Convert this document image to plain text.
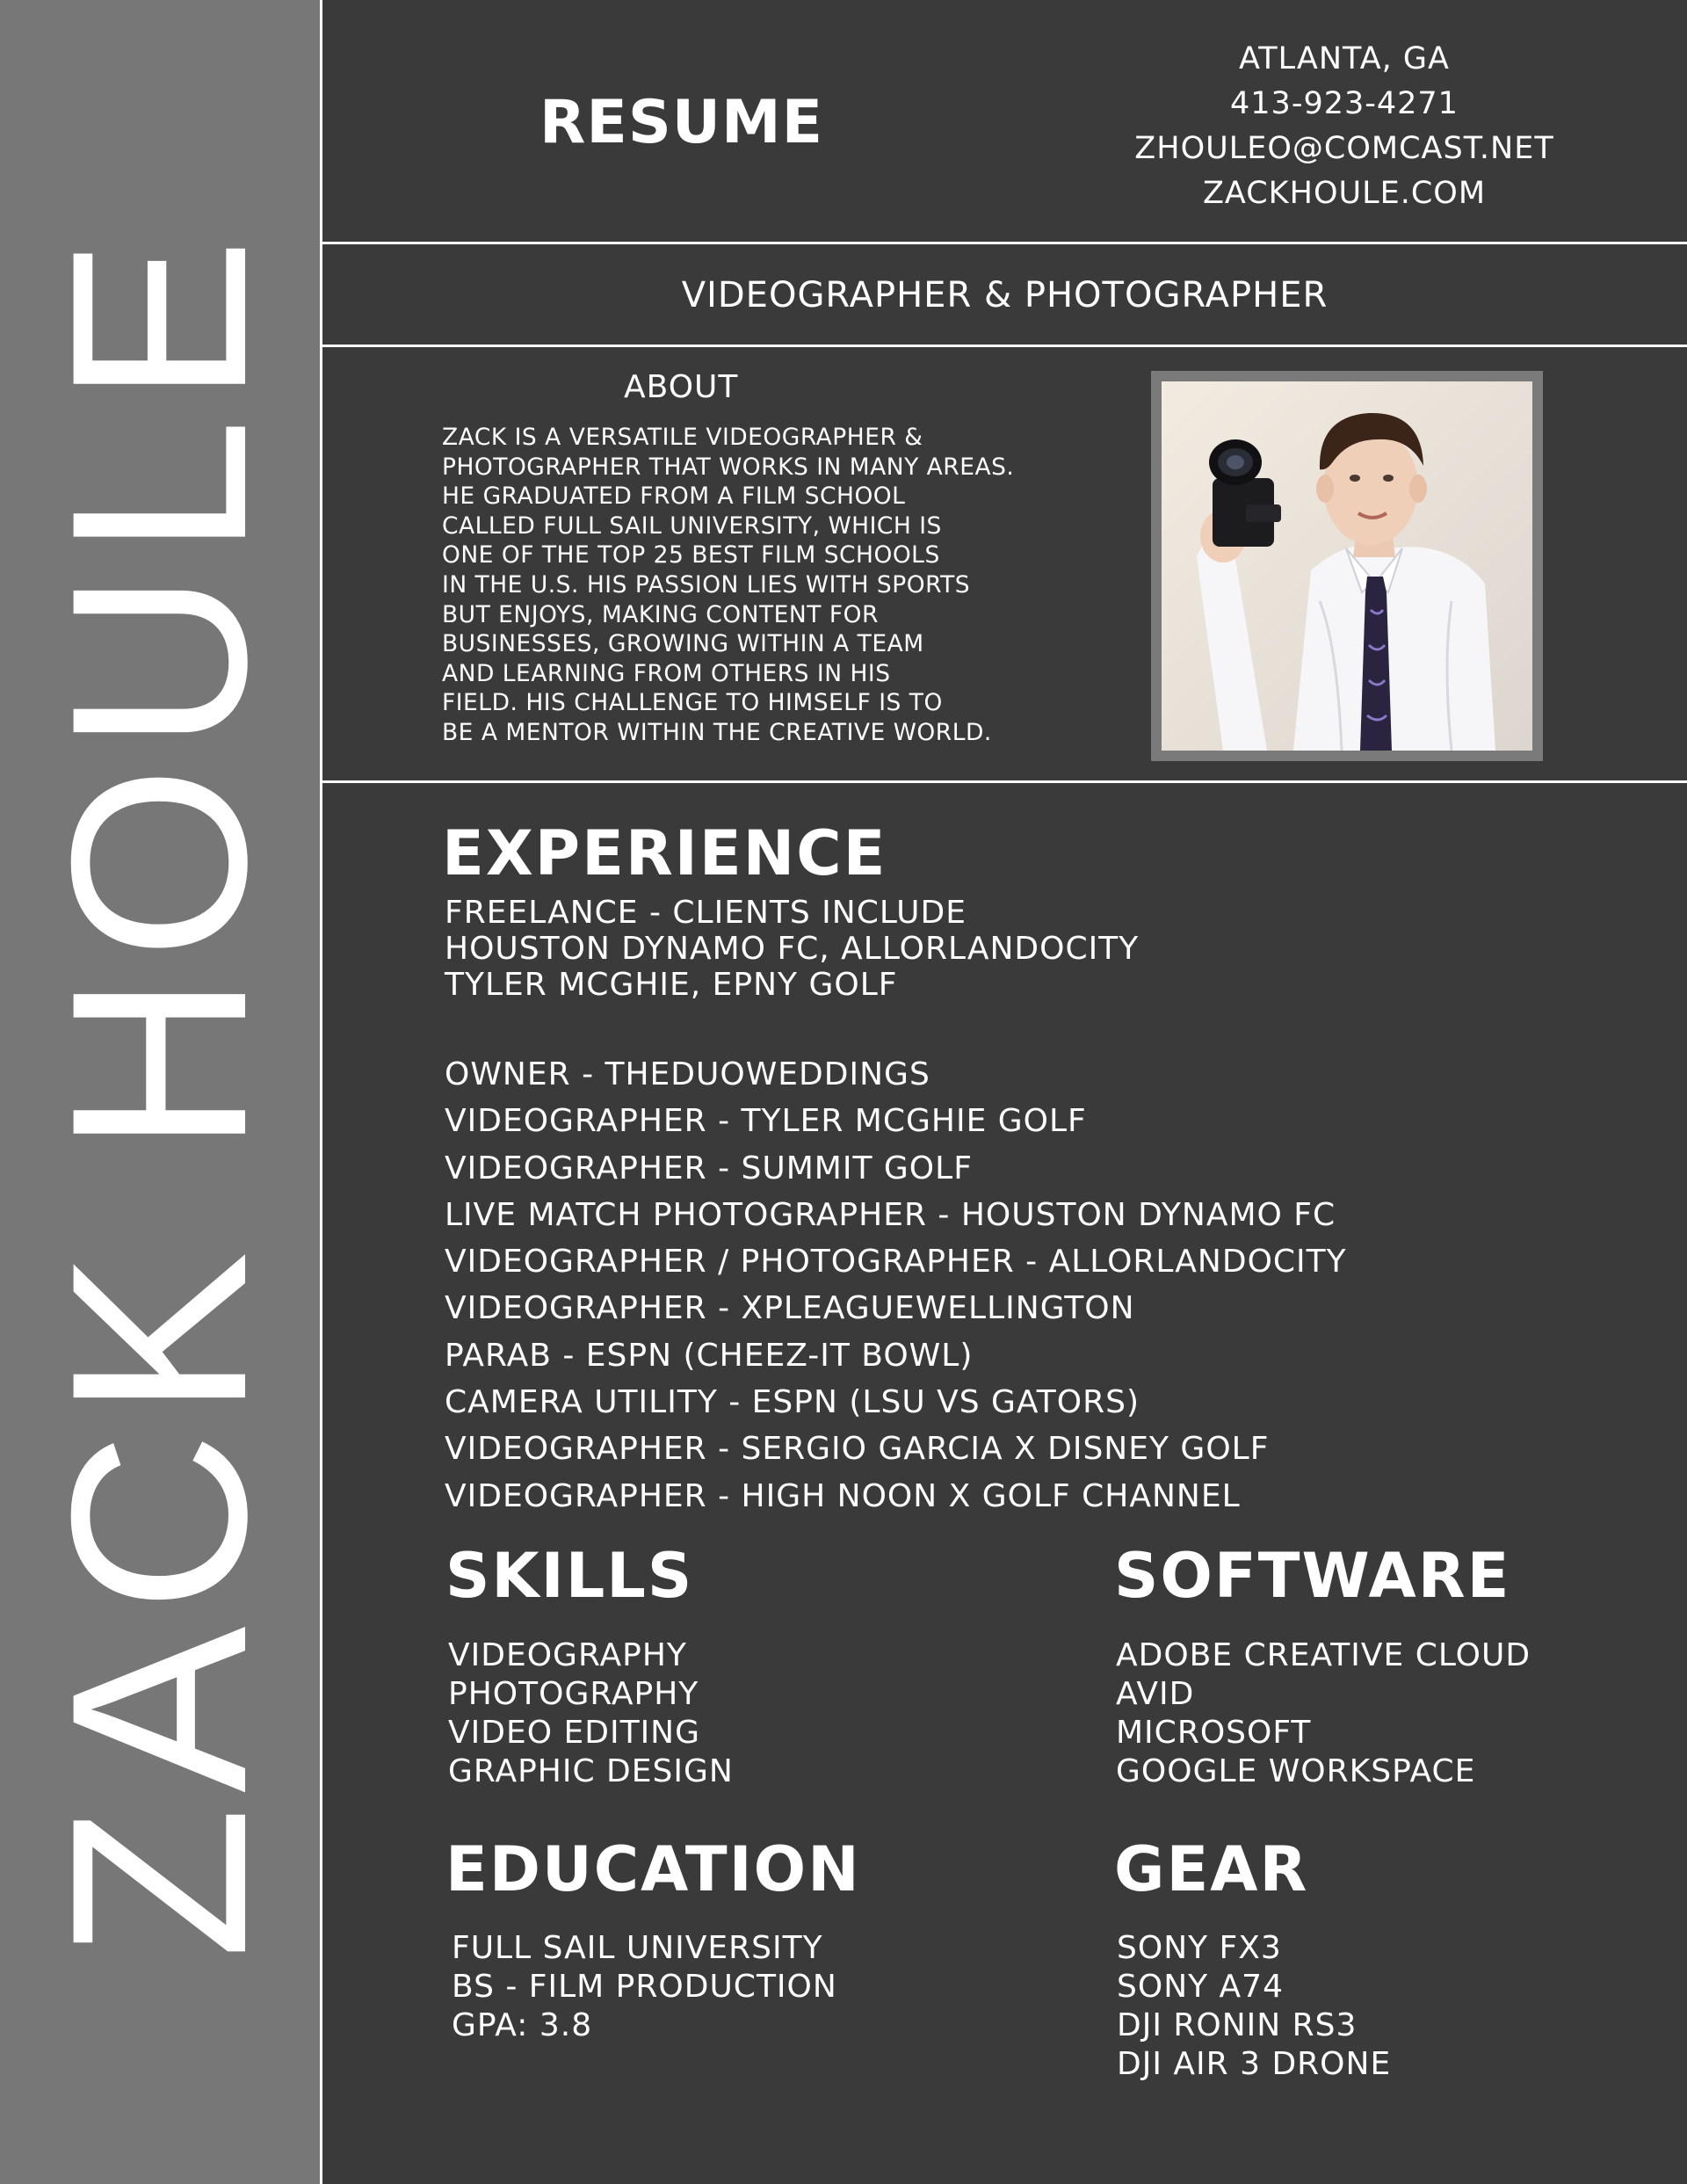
ZACK HOULE
RESUME
ATLANTA, GA
413-923-4271
ZHOULEO@COMCAST.NET
ZACKHOULE.COM
VIDEOGRAPHER & PHOTOGRAPHER
ABOUT
ZACK IS A VERSATILE VIDEOGRAPHER &
PHOTOGRAPHER THAT WORKS IN MANY AREAS.
HE GRADUATED FROM A FILM SCHOOL
CALLED FULL SAIL UNIVERSITY, WHICH IS
ONE OF THE TOP 25 BEST FILM SCHOOLS
IN THE U.S. HIS PASSION LIES WITH SPORTS
BUT ENJOYS, MAKING CONTENT FOR
BUSINESSES, GROWING WITHIN A TEAM
AND LEARNING FROM OTHERS IN HIS
FIELD. HIS CHALLENGE TO HIMSELF IS TO
BE A MENTOR WITHIN THE CREATIVE WORLD.
EXPERIENCE
FREELANCE - CLIENTS INCLUDE
HOUSTON DYNAMO FC, ALLORLANDOCITY
TYLER MCGHIE, EPNY GOLF
OWNER - THEDUOWEDDINGS
VIDEOGRAPHER - TYLER MCGHIE GOLF
VIDEOGRAPHER - SUMMIT GOLF
LIVE MATCH PHOTOGRAPHER - HOUSTON DYNAMO FC
VIDEOGRAPHER / PHOTOGRAPHER - ALLORLANDOCITY
VIDEOGRAPHER - XPLEAGUEWELLINGTON
PARAB - ESPN (CHEEZ-IT BOWL)
CAMERA UTILITY - ESPN (LSU VS GATORS)
VIDEOGRAPHER - SERGIO GARCIA X DISNEY GOLF
VIDEOGRAPHER - HIGH NOON X GOLF CHANNEL
SKILLS
VIDEOGRAPHY
PHOTOGRAPHY
VIDEO EDITING
GRAPHIC DESIGN
SOFTWARE
ADOBE CREATIVE CLOUD
AVID
MICROSOFT
GOOGLE WORKSPACE
EDUCATION
FULL SAIL UNIVERSITY
BS - FILM PRODUCTION
GPA: 3.8
GEAR
SONY FX3
SONY A74
DJI RONIN RS3
DJI AIR 3 DRONE
